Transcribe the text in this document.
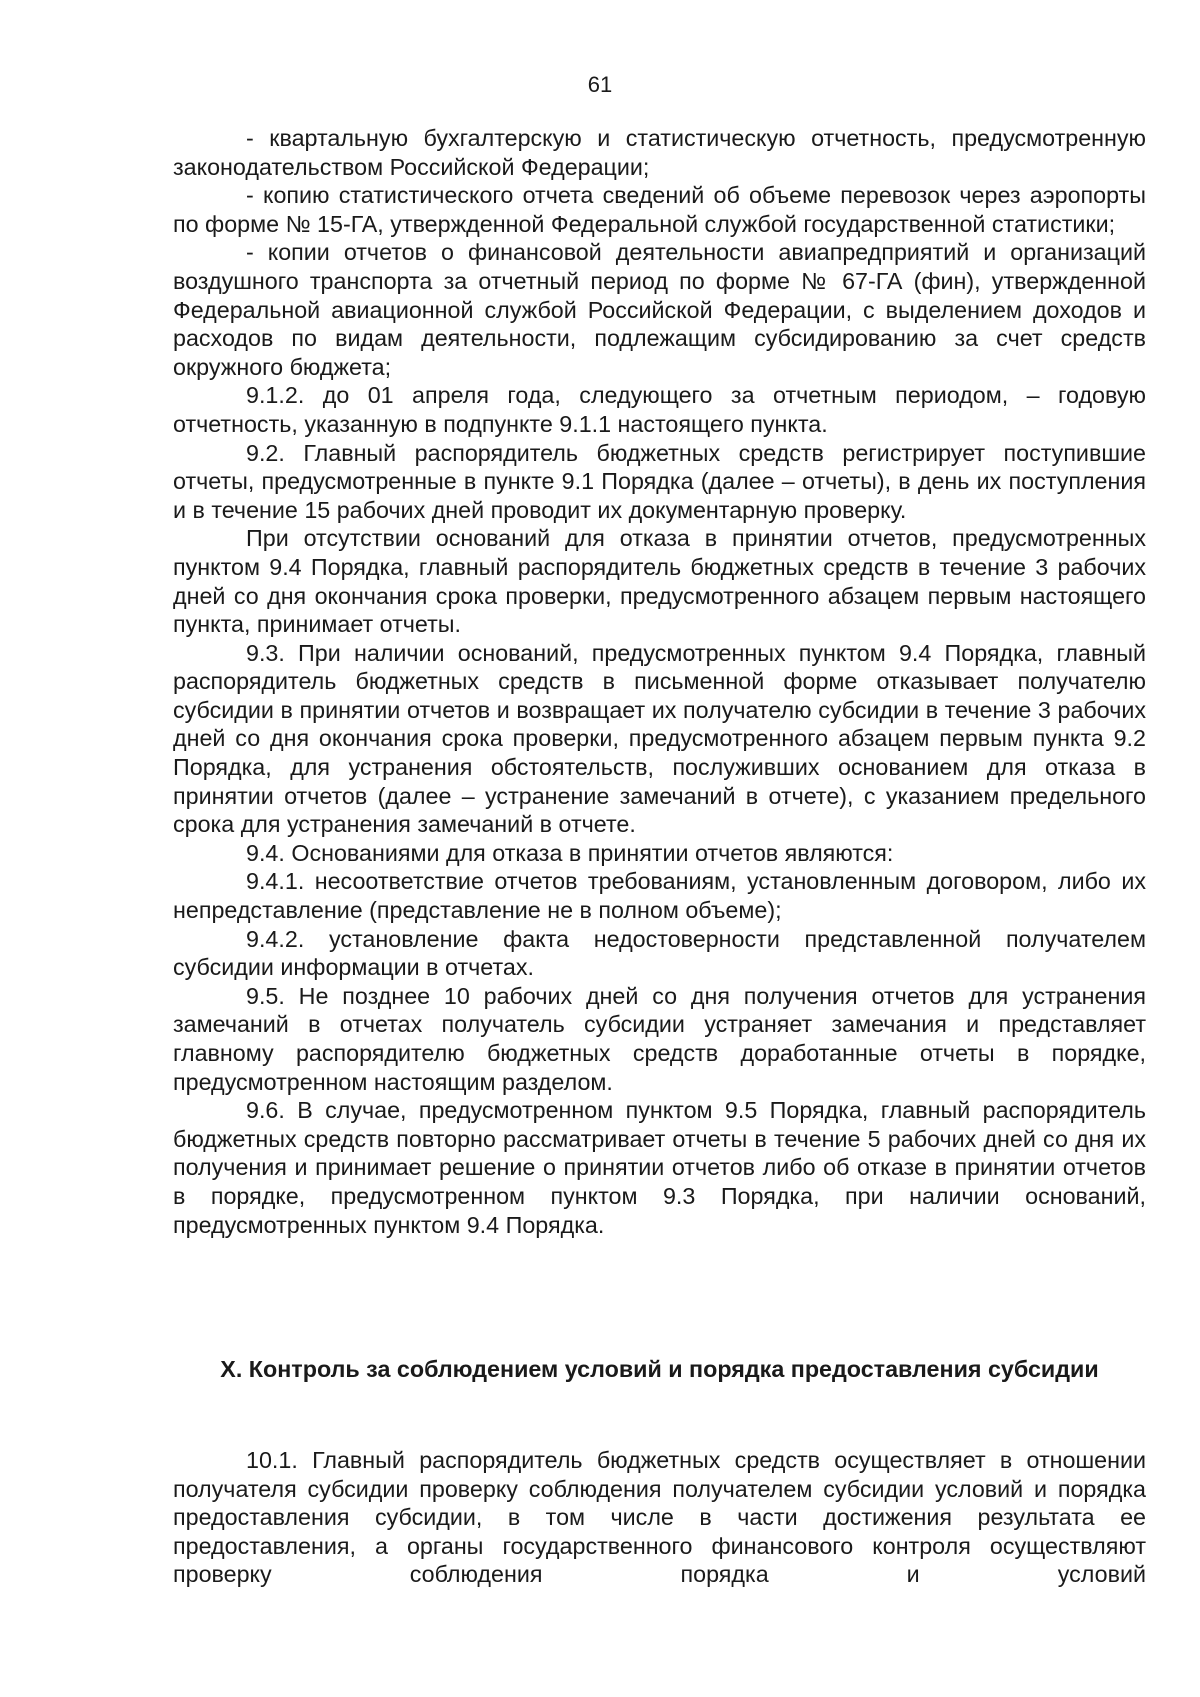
61

- квартальную бухгалтерскую и статистическую отчетность, предусмотренную законодательством Российской Федерации;

- копию статистического отчета сведений об объеме перевозок через аэропорты по форме № 15-ГА, утвержденной Федеральной службой государственной статистики;

- копии отчетов о финансовой деятельности авиапредприятий и организаций воздушного транспорта за отчетный период по форме № 67-ГА (фин), утвержденной Федеральной авиационной службой Российской Федерации, с выделением доходов и расходов по видам деятельности, подлежащим субсидированию за счет средств окружного бюджета;

9.1.2. до 01 апреля года, следующего за отчетным периодом, – годовую отчетность, указанную в подпункте 9.1.1 настоящего пункта.

9.2. Главный распорядитель бюджетных средств регистрирует поступившие отчеты, предусмотренные в пункте 9.1 Порядка (далее – отчеты), в день их поступления и в течение 15 рабочих дней проводит их документарную проверку.

При отсутствии оснований для отказа в принятии отчетов, предусмотренных пунктом 9.4 Порядка, главный распорядитель бюджетных средств в течение 3 рабочих дней со дня окончания срока проверки, предусмотренного абзацем первым настоящего пункта, принимает отчеты.

9.3. При наличии оснований, предусмотренных пунктом 9.4 Порядка, главный распорядитель бюджетных средств в письменной форме отказывает получателю субсидии в принятии отчетов и возвращает их получателю субсидии в течение 3 рабочих дней со дня окончания срока проверки, предусмотренного абзацем первым пункта 9.2 Порядка, для устранения обстоятельств, послуживших основанием для отказа в принятии отчетов (далее – устранение замечаний в отчете), с указанием предельного срока для устранения замечаний в отчете.

9.4. Основаниями для отказа в принятии отчетов являются:

9.4.1. несоответствие отчетов требованиям, установленным договором, либо их непредставление (представление не в полном объеме);

9.4.2. установление факта недостоверности представленной получателем субсидии информации в отчетах.

9.5. Не позднее 10 рабочих дней со дня получения отчетов для устранения замечаний в отчетах получатель субсидии устраняет замечания и представляет главному распорядителю бюджетных средств доработанные отчеты в порядке, предусмотренном настоящим разделом.

9.6. В случае, предусмотренном пунктом 9.5 Порядка, главный распорядитель бюджетных средств повторно рассматривает отчеты в течение 5 рабочих дней со дня их получения и принимает решение о принятии отчетов либо об отказе в принятии отчетов в порядке, предусмотренном пунктом 9.3 Порядка, при наличии оснований, предусмотренных пунктом 9.4 Порядка.

X. Контроль за соблюдением условий и порядка предоставления субсидии

10.1. Главный распорядитель бюджетных средств осуществляет в отношении получателя субсидии проверку соблюдения получателем субсидии условий и порядка предоставления субсидии, в том числе в части достижения результата ее предоставления, а органы государственного финансового контроля осуществляют проверку соблюдения порядка и условий
